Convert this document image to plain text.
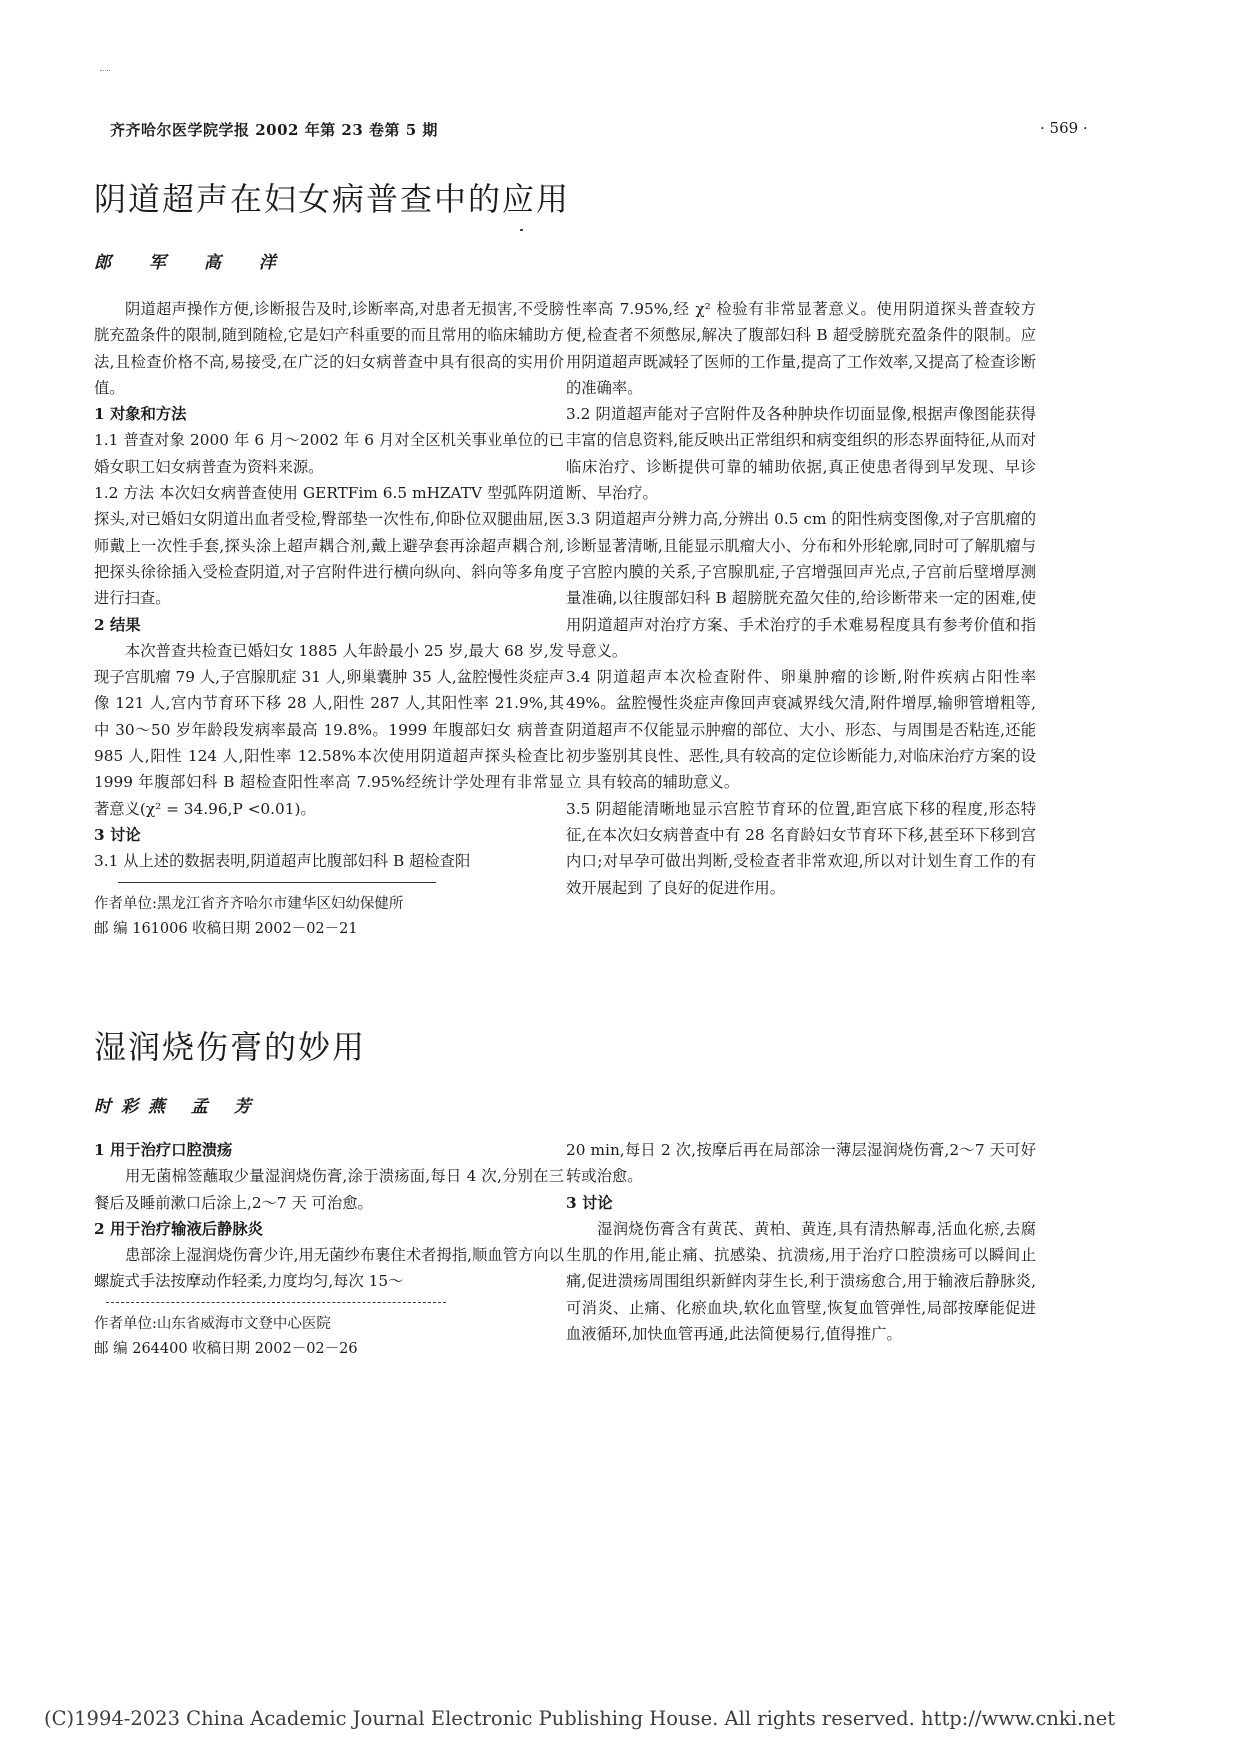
齐齐哈尔医学院学报 2002 年第 23 卷第 5 期	· 569 ·
阴道超声在妇女病普查中的应用
郎 军 高 洋

阴道超声操作方便,诊断报告及时,诊断率高,对患者无损害,不受膀胱充盈条件的限制,随到随检,它是妇产科重要的而且常用的临床辅助方法,且检查价格不高,易接受,在广泛的妇女病普查中具有很高的实用价值。

1 对象和方法

1.1 普查对象 2000 年 6 月～2002 年 6 月对全区机关事业单位的已婚女职工妇女病普查为资料来源。

1.2 方法 本次妇女病普查使用 GERTFim 6.5 mHZATV 型弧阵阴道探头,对已婚妇女阴道出血者受检,臀部垫一次性布,仰卧位双腿曲屈,医师戴上一次性手套,探头涂上超声耦合剂,戴上避孕套再涂超声耦合剂,把探头徐徐插入受检查阴道,对子宫附件进行横向纵向、斜向等多角度进行扫查。

2 结果

本次普查共检查已婚妇女 1885 人年龄最小 25 岁,最大 68 岁,发现子宫肌瘤 79 人,子宫腺肌症 31 人,卵巢囊肿 35 人,盆腔慢性炎症声像 121 人,宫内节育环下移 28 人,阳性 287 人,其阳性率 21.9%,其中 30～50 岁年龄段发病率最高 19.8%。1999 年腹部妇女 病普查 985 人,阳性 124 人,阳性率 12.58%本次使用阴道超声探头检查比 1999 年腹部妇科 B 超检查阳性率高 7.95%经统计学处理有非常显著意义(χ² = 34.96,P <0.01)。

3 讨论

3.1 从上述的数据表明,阴道超声比腹部妇科 B 超检查阳

性率高 7.95%,经 χ² 检验有非常显著意义。使用阴道探头普查较方便,检查者不须憋尿,解决了腹部妇科 B 超受膀胱充盈条件的限制。应用阴道超声既减轻了医师的工作量,提高了工作效率,又提高了检查诊断的准确率。

3.2 阴道超声能对子宫附件及各种肿块作切面显像,根据声像图能获得丰富的信息资料,能反映出正常组织和病变组织的形态界面特征,从而对临床治疗、诊断提供可靠的辅助依据,真正使患者得到早发现、早诊断、早治疗。

3.3 阴道超声分辨力高,分辨出 0.5 cm 的阳性病变图像,对子宫肌瘤的诊断显著清晰,且能显示肌瘤大小、分布和外形轮廓,同时可了解肌瘤与子宫腔内膜的关系,子宫腺肌症,子宫增强回声光点,子宫前后壁增厚测量准确,以往腹部妇科 B 超膀胱充盈欠佳的,给诊断带来一定的困难,使用阴道超声对治疗方案、手术治疗的手术难易程度具有参考价值和指导意义。

3.4 阴道超声本次检查附件、卵巢肿瘤的诊断,附件疾病占阳性率 49%。盆腔慢性炎症声像回声衰减界线欠清,附件增厚,输卵管增粗等,阴道超声不仅能显示肿瘤的部位、大小、形态、与周围是否粘连,还能初步鉴别其良性、恶性,具有较高的定位诊断能力,对临床治疗方案的设立 具有较高的辅助意义。

3.5 阴超能清晰地显示宫腔节育环的位置,距宫底下移的程度,形态特征,在本次妇女病普查中有 28 名育龄妇女节育环下移,甚至环下移到宫内口;对早孕可做出判断,受检查者非常欢迎,所以对计划生育工作的有效开展起到 了良好的促进作用。

作者单位:黑龙江省齐齐哈尔市建华区妇幼保健所

邮 编 161006 收稿日期 2002－02－21

湿润烧伤膏的妙用
时彩燕 孟 芳

1 用于治疗口腔溃疡

用无菌棉签蘸取少量湿润烧伤膏,涂于溃疡面,每日 4 次,分别在三餐后及睡前漱口后涂上,2～7 天 可治愈。

2 用于治疗输液后静脉炎

患部涂上湿润烧伤膏少许,用无菌纱布裹住术者拇指,顺血管方向以螺旋式手法按摩动作轻柔,力度均匀,每次 15～

20 min,每日 2 次,按摩后再在局部涂一薄层湿润烧伤膏,2～7 天可好转或治愈。

3 讨论

湿润烧伤膏含有黄芪、黄柏、黄连,具有清热解毒,活血化瘀,去腐生肌的作用,能止痛、抗感染、抗溃疡,用于治疗口腔溃疡可以瞬间止痛,促进溃疡周围组织新鲜肉芽生长,利于溃疡愈合,用于输液后静脉炎,可消炎、止痛、化瘀血块,软化血管壁,恢复血管弹性,局部按摩能促进血液循环,加快血管再通,此法简便易行,值得推广。

作者单位:山东省威海市文登中心医院

邮 编 264400 收稿日期 2002－02－26

(C)1994-2023 China Academic Journal Electronic Publishing House. All rights reserved. http://www.cnki.net
